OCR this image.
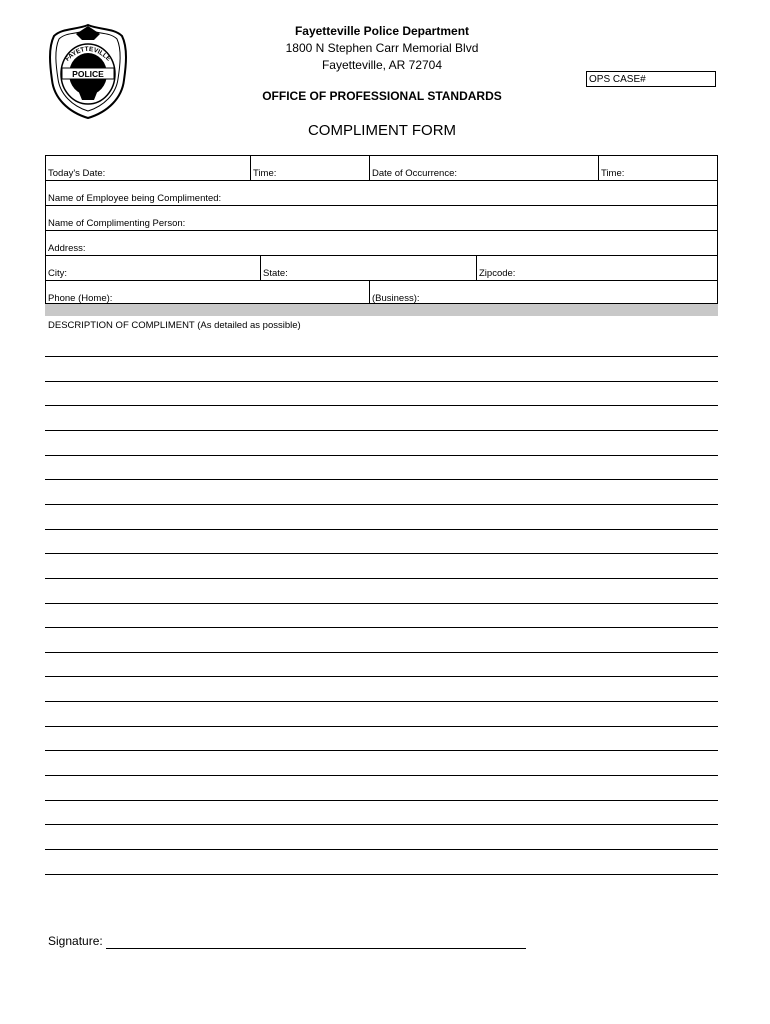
POLICE
FAYETTEVILLE
Fayetteville Police Department
1800 N Stephen Carr Memorial Blvd
Fayetteville, AR 72704
OFFICE OF PROFESSIONAL STANDARDS
OPS CASE#
COMPLIMENT FORM
Today's Date:	Time:	Date of Occurrence:	Time:
Name of Employee being Complimented:
Name of Complimenting Person:
Address:
City:	State:	Zipcode:
Phone (Home):	(Business):
DESCRIPTION OF COMPLIMENT (As detailed as possible)
Signature:
